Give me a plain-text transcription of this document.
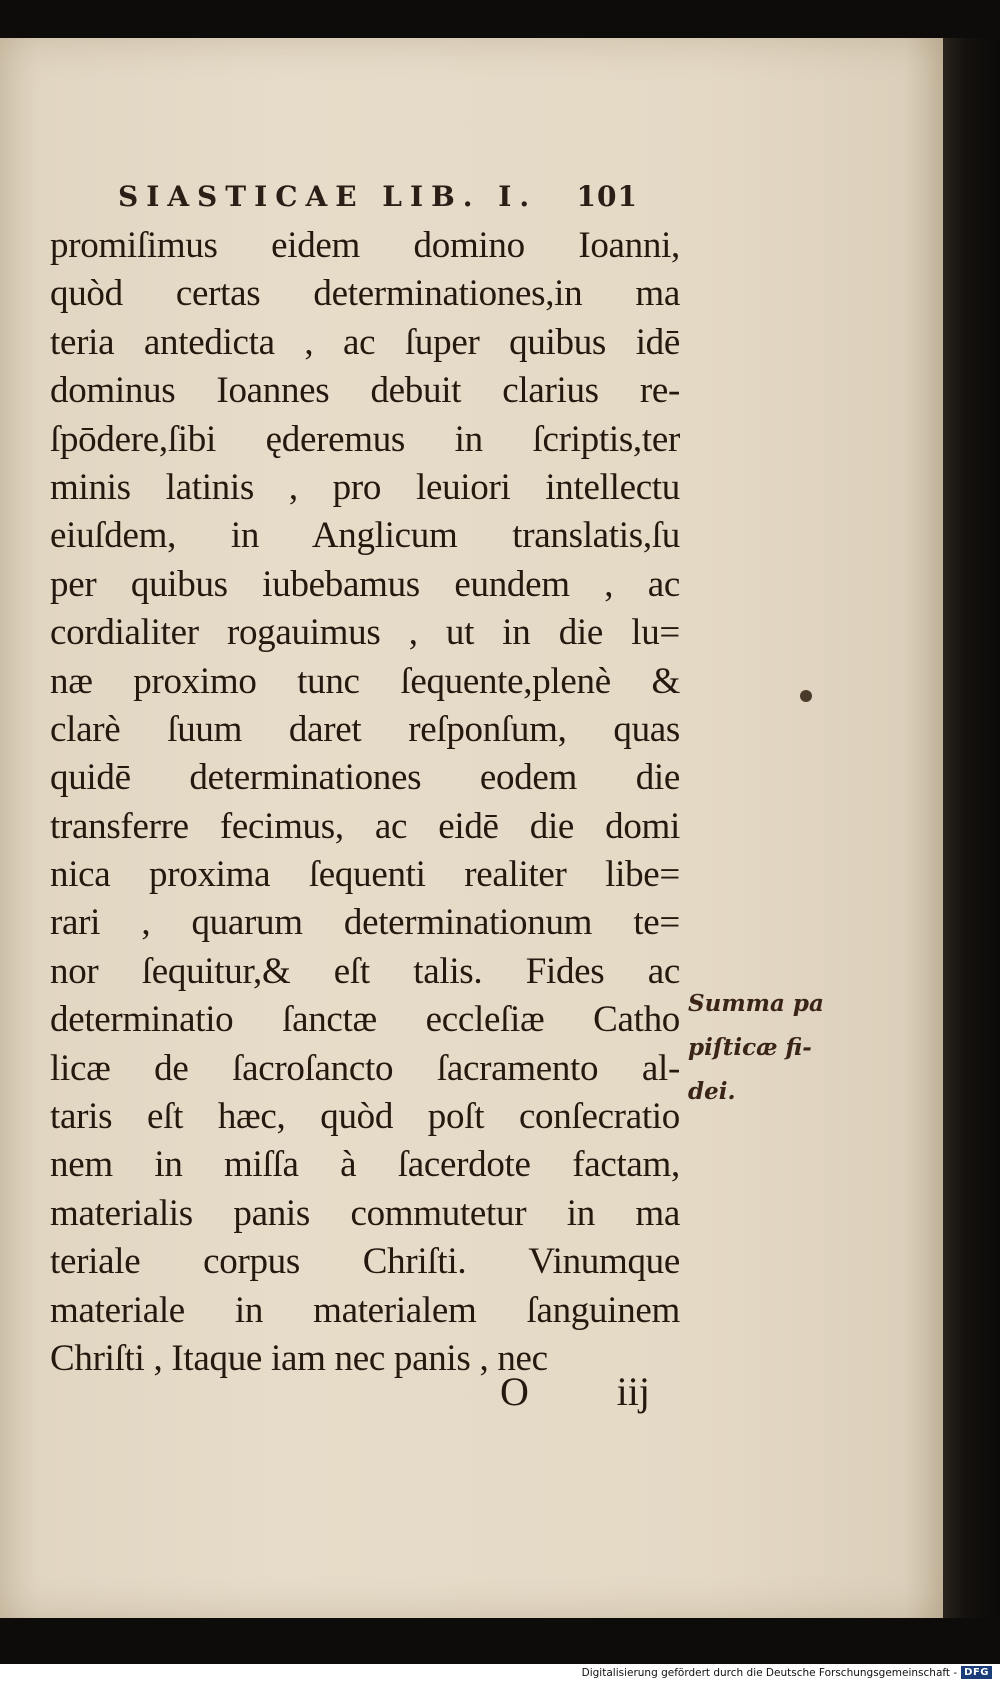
SIASTICAE LIB. I. 101
promiſimus eidem domino Ioanni,
quòd certas determinationes,in ma
teria antedicta , ac ſuper quibus idē
dominus Ioannes debuit clarius re-
ſpōdere,ſibi ęderemus in ſcriptis,ter
minis latinis , pro leuiori intellectu
eiuſdem, in Anglicum translatis,ſu
per quibus iubebamus eundem , ac
cordialiter rogauimus , ut in die lu=
næ proximo tunc ſequente,plenè &
clarè ſuum daret reſponſum, quas
quidē determinationes eodem die
transferre fecimus, ac eidē die domi
nica proxima ſequenti realiter libe=
rari , quarum determinationum te=
nor ſequitur,& eſt talis. Fides ac
determinatio ſanctæ eccleſiæ Catho
licæ de ſacroſancto ſacramento al-
taris eſt hæc, quòd poſt conſecratio
nem in miſſa à ſacerdote factam,
materialis panis commutetur in ma
teriale corpus Chriſti. Vinumque
materiale in materialem ſanguinem
Chriſti , Itaque iam nec panis , nec
Summa pa
piſticæ fi-
dei.
O iij
Digitalisierung gefördert durch die Deutsche Forschungsgemeinschaft - DFG
